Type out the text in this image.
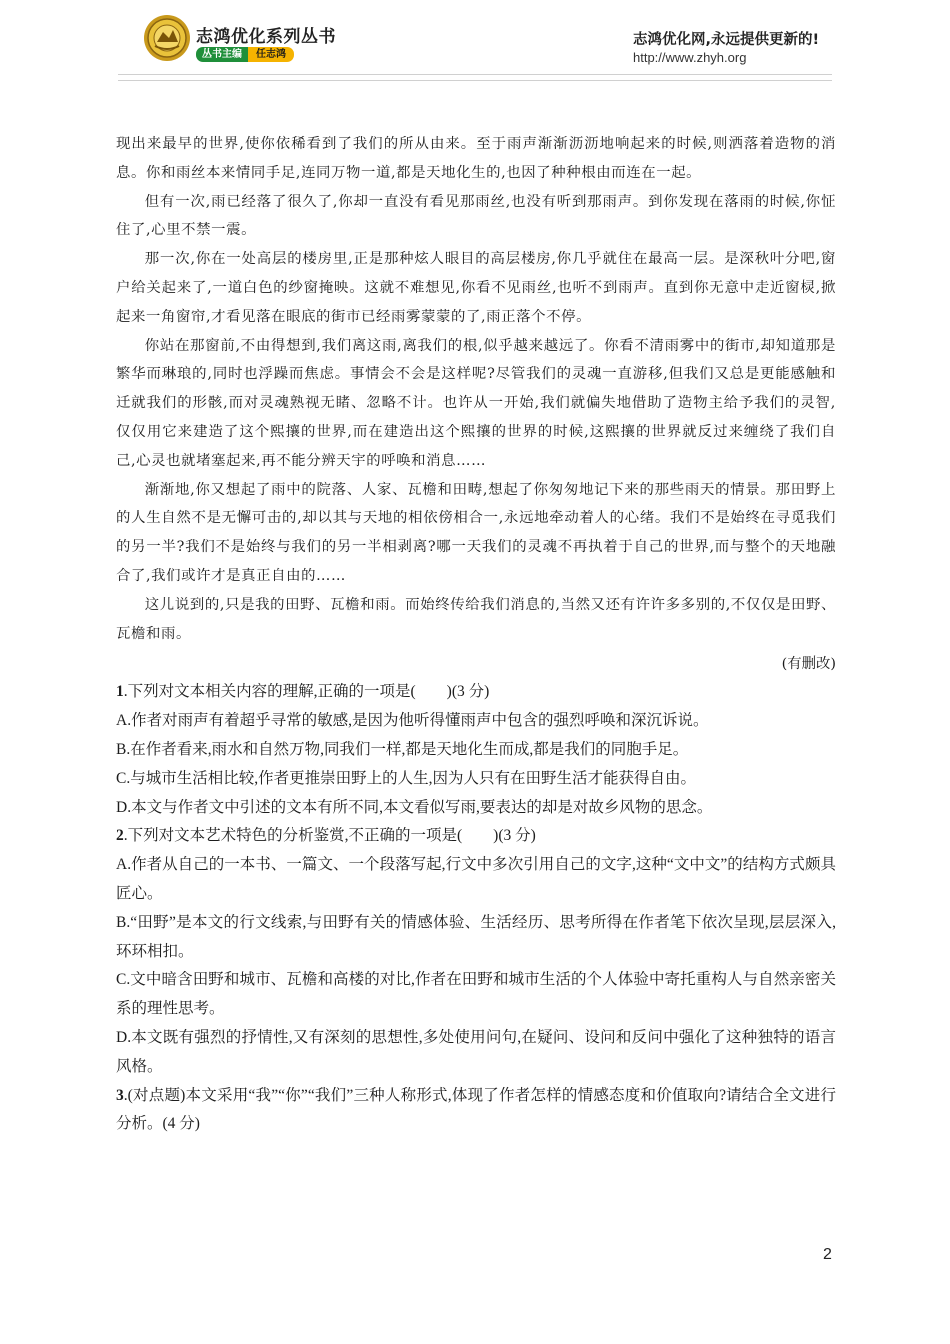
志鸿优化系列丛书
丛书主编	任志鸿
志鸿优化网,永远提供更新的!
http://www.zhyh.org

现出来最早的世界,使你依稀看到了我们的所从由来。至于雨声渐渐沥沥地响起来的时候,则洒落着造物的消息。你和雨丝本来情同手足,连同万物一道,都是天地化生的,也因了种种根由而连在一起。

但有一次,雨已经落了很久了,你却一直没有看见那雨丝,也没有听到那雨声。到你发现在落雨的时候,你怔住了,心里不禁一震。

那一次,你在一处高层的楼房里,正是那种炫人眼目的高层楼房,你几乎就住在最高一层。是深秋叶分吧,窗户给关起来了,一道白色的纱窗掩映。这就不难想见,你看不见雨丝,也听不到雨声。直到你无意中走近窗棂,掀起来一角窗帘,才看见落在眼底的街市已经雨雾蒙蒙的了,雨正落个不停。

你站在那窗前,不由得想到,我们离这雨,离我们的根,似乎越来越远了。你看不清雨雾中的街市,却知道那是繁华而琳琅的,同时也浮躁而焦虑。事情会不会是这样呢?尽管我们的灵魂一直游移,但我们又总是更能感触和迁就我们的形骸,而对灵魂熟视无睹、忽略不计。也许从一开始,我们就偏失地借助了造物主给予我们的灵智,仅仅用它来建造了这个熙攘的世界,而在建造出这个熙攘的世界的时候,这熙攘的世界就反过来缠绕了我们自己,心灵也就堵塞起来,再不能分辨天宇的呼唤和消息……

渐渐地,你又想起了雨中的院落、人家、瓦檐和田畴,想起了你匆匆地记下来的那些雨天的情景。那田野上的人生自然不是无懈可击的,却以其与天地的相依傍相合一,永远地牵动着人的心绪。我们不是始终在寻觅我们的另一半?我们不是始终与我们的另一半相剥离?哪一天我们的灵魂不再执着于自己的世界,而与整个的天地融合了,我们或许才是真正自由的……

这儿说到的,只是我的田野、瓦檐和雨。而始终传给我们消息的,当然又还有许许多多别的,不仅仅是田野、瓦檐和雨。

(有删改)

1.下列对文本相关内容的理解,正确的一项是(　　)(3 分)

A.作者对雨声有着超乎寻常的敏感,是因为他听得懂雨声中包含的强烈呼唤和深沉诉说。

B.在作者看来,雨水和自然万物,同我们一样,都是天地化生而成,都是我们的同胞手足。

C.与城市生活相比较,作者更推崇田野上的人生,因为人只有在田野生活才能获得自由。

D.本文与作者文中引述的文本有所不同,本文看似写雨,要表达的却是对故乡风物的思念。

2.下列对文本艺术特色的分析鉴赏,不正确的一项是(　　)(3 分)

A.作者从自己的一本书、一篇文、一个段落写起,行文中多次引用自己的文字,这种“文中文”的结构方式颇具匠心。

B.“田野”是本文的行文线索,与田野有关的情感体验、生活经历、思考所得在作者笔下依次呈现,层层深入,环环相扣。

C.文中暗含田野和城市、瓦檐和高楼的对比,作者在田野和城市生活的个人体验中寄托重构人与自然亲密关系的理性思考。

D.本文既有强烈的抒情性,又有深刻的思想性,多处使用问句,在疑问、设问和反问中强化了这种独特的语言风格。

3.(对点题)本文采用“我”“你”“我们”三种人称形式,体现了作者怎样的情感态度和价值取向?请结合全文进行分析。(4 分)

2
